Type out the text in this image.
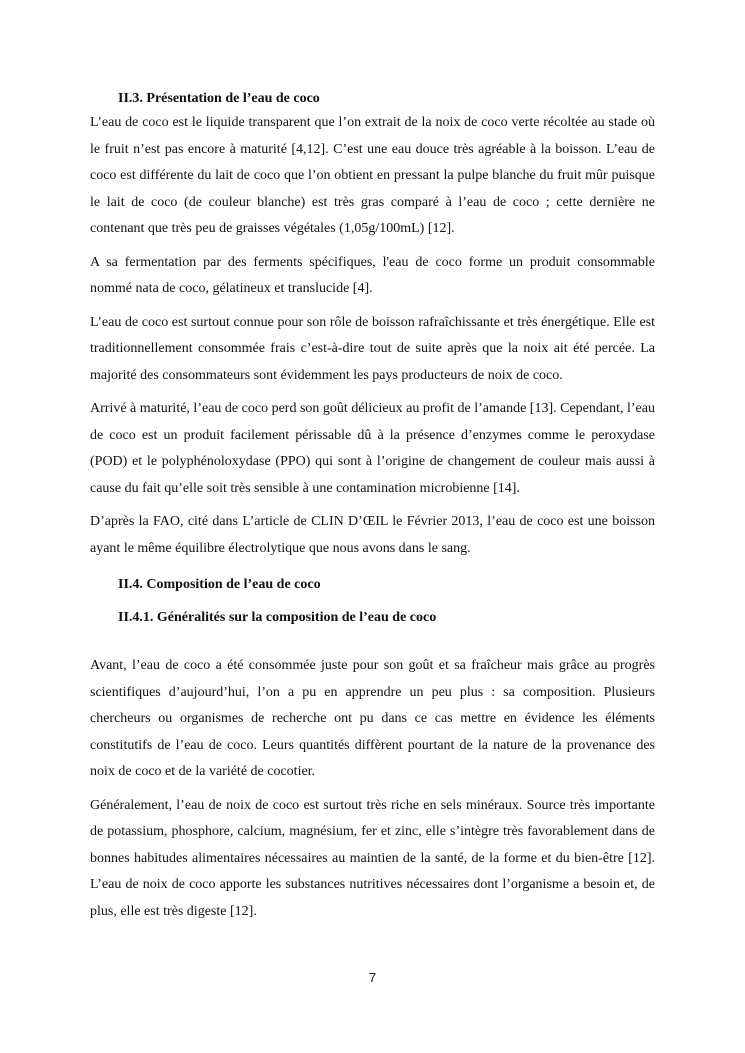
II.3. Présentation de l’eau de coco

L’eau de coco est le liquide transparent que l’on extrait de la noix de coco verte récoltée au stade où le fruit n’est pas encore à maturité [4,12]. C’est une eau douce très agréable à la boisson. L’eau de coco est différente du lait de coco que l’on obtient en pressant la pulpe blanche du fruit mûr puisque le lait de coco (de couleur blanche) est très gras comparé à l’eau de coco ; cette dernière ne contenant que très peu de graisses végétales (1,05g/100mL) [12].

A sa fermentation par des ferments spécifiques, l'eau de coco forme un produit consommable nommé nata de coco, gélatineux et translucide [4].

L’eau de coco est surtout connue pour son rôle de boisson rafraîchissante et très énergétique. Elle est traditionnellement consommée frais c’est-à-dire tout de suite après que la noix ait été percée. La majorité des consommateurs sont évidemment les pays producteurs de noix de coco.

Arrivé à maturité, l’eau de coco perd son goût délicieux au profit de l’amande [13]. Cependant, l’eau de coco est un produit facilement périssable dû à la présence d’enzymes comme le peroxydase (POD) et le polyphénoloxydase (PPO) qui sont à l’origine de changement de couleur mais aussi à cause du fait qu’elle soit très sensible à une contamination microbienne [14].

D’après la FAO, cité dans L’article de CLIN D’ŒIL le Février 2013, l’eau de coco est une boisson ayant le même équilibre électrolytique que nous avons dans le sang.

II.4. Composition de l’eau de coco
II.4.1. Généralités sur la composition de l’eau de coco

Avant, l’eau de coco a été consommée juste pour son goût et sa fraîcheur mais grâce au progrès scientifiques d’aujourd’hui, l’on a pu en apprendre un peu plus : sa composition. Plusieurs chercheurs ou organismes de recherche ont pu dans ce cas mettre en évidence les éléments constitutifs de l’eau de coco. Leurs quantités diffèrent pourtant de la nature de la provenance des noix de coco et de la variété de cocotier.

Généralement, l’eau de noix de coco est surtout très riche en sels minéraux. Source très importante de potassium, phosphore, calcium, magnésium, fer et zinc, elle s’intègre très favorablement dans de bonnes habitudes alimentaires nécessaires au maintien de la santé, de la forme et du bien-être [12]. L’eau de noix de coco apporte les substances nutritives nécessaires dont l’organisme a besoin et, de plus, elle est très digeste [12].

7
